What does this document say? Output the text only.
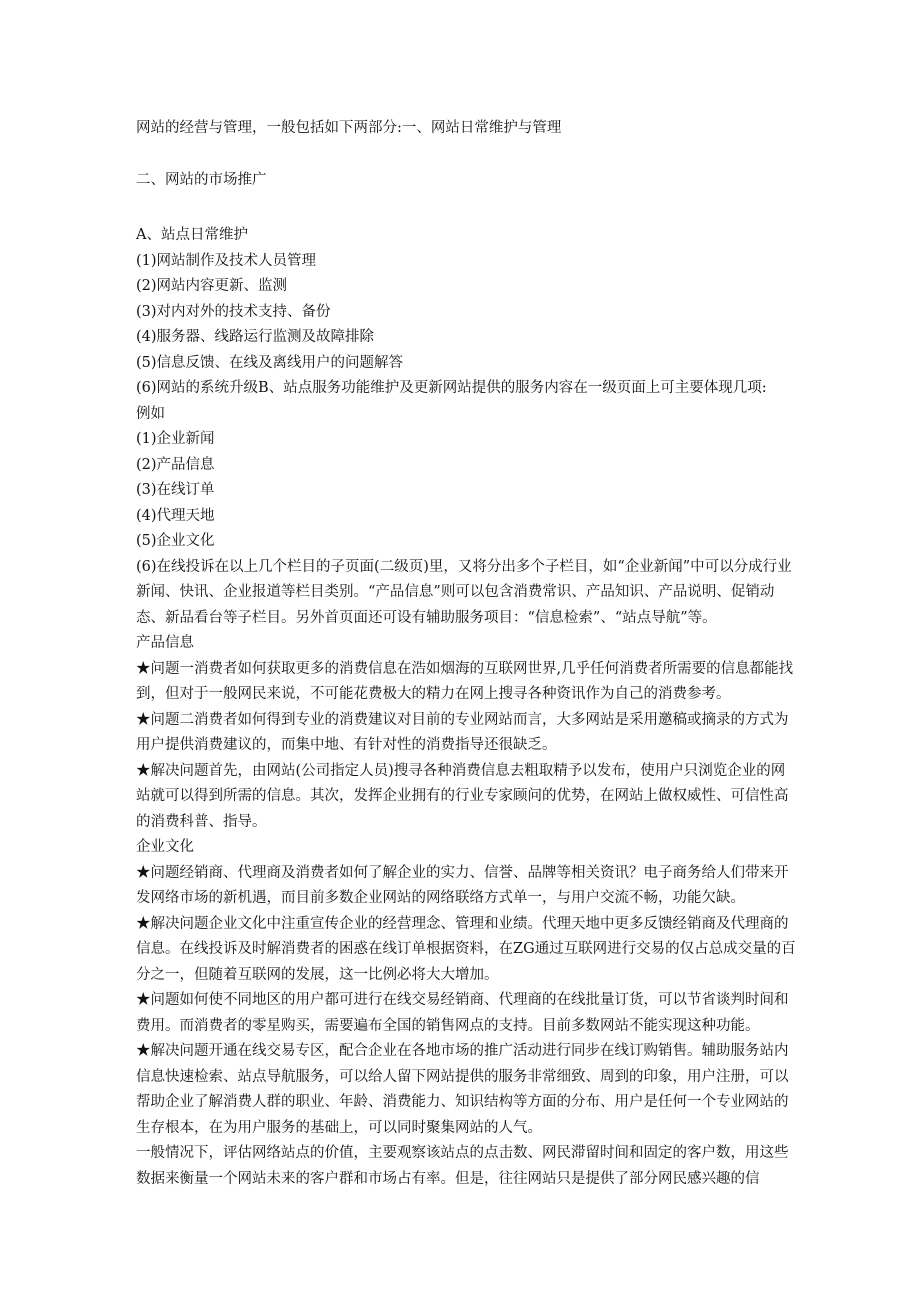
网站的经营与管理，一般包括如下两部分:一、网站日常维护与管理

二、网站的市场推广

A、站点日常维护

(1)网站制作及技术人员管理

(2)网站内容更新、监测

(3)对内对外的技术支持、备份

(4)服务器、线路运行监测及故障排除

(5)信息反馈、在线及离线用户的问题解答

(6)网站的系统升级B、站点服务功能维护及更新网站提供的服务内容在一级页面上可主要体现几项:

例如

(1)企业新闻

(2)产品信息

(3)在线订单

(4)代理天地

(5)企业文化

(6)在线投诉在以上几个栏目的子页面(二级页)里，又将分出多个子栏目，如“企业新闻”中可以分成行业新闻、快讯、企业报道等栏目类别。“产品信息”则可以包含消费常识、产品知识、产品说明、促销动态、新品看台等子栏目。另外首页面还可设有辅助服务项目：“信息检索”、“站点导航”等。

产品信息

★问题一消费者如何获取更多的消费信息在浩如烟海的互联网世界,几乎任何消费者所需要的信息都能找到，但对于一般网民来说，不可能花费极大的精力在网上搜寻各种资讯作为自己的消费参考。

★问题二消费者如何得到专业的消费建议对目前的专业网站而言，大多网站是采用邀稿或摘录的方式为用户提供消费建议的，而集中地、有针对性的消费指导还很缺乏。

★解决问题首先，由网站(公司指定人员)搜寻各种消费信息去粗取精予以发布，使用户只浏览企业的网站就可以得到所需的信息。其次，发挥企业拥有的行业专家顾问的优势，在网站上做权威性、可信性高的消费科普、指导。

企业文化

★问题经销商、代理商及消费者如何了解企业的实力、信誉、品牌等相关资讯？电子商务给人们带来开发网络市场的新机遇，而目前多数企业网站的网络联络方式单一，与用户交流不畅，功能欠缺。

★解决问题企业文化中注重宣传企业的经营理念、管理和业绩。代理天地中更多反馈经销商及代理商的信息。在线投诉及时解消费者的困惑在线订单根据资料，在ZG通过互联网进行交易的仅占总成交量的百分之一，但随着互联网的发展，这一比例必将大大增加。

★问题如何使不同地区的用户都可进行在线交易经销商、代理商的在线批量订货，可以节省谈判时间和费用。而消费者的零星购买，需要遍布全国的销售网点的支持。目前多数网站不能实现这种功能。

★解决问题开通在线交易专区，配合企业在各地市场的推广活动进行同步在线订购销售。辅助服务站内信息快速检索、站点导航服务，可以给人留下网站提供的服务非常细致、周到的印象，用户注册，可以帮助企业了解消费人群的职业、年龄、消费能力、知识结构等方面的分布、用户是任何一个专业网站的生存根本，在为用户服务的基础上，可以同时聚集网站的人气。

一般情况下，评估网络站点的价值，主要观察该站点的点击数、网民滞留时间和固定的客户数，用这些数据来衡量一个网站未来的客户群和市场占有率。但是，往往网站只是提供了部分网民感兴趣的信
